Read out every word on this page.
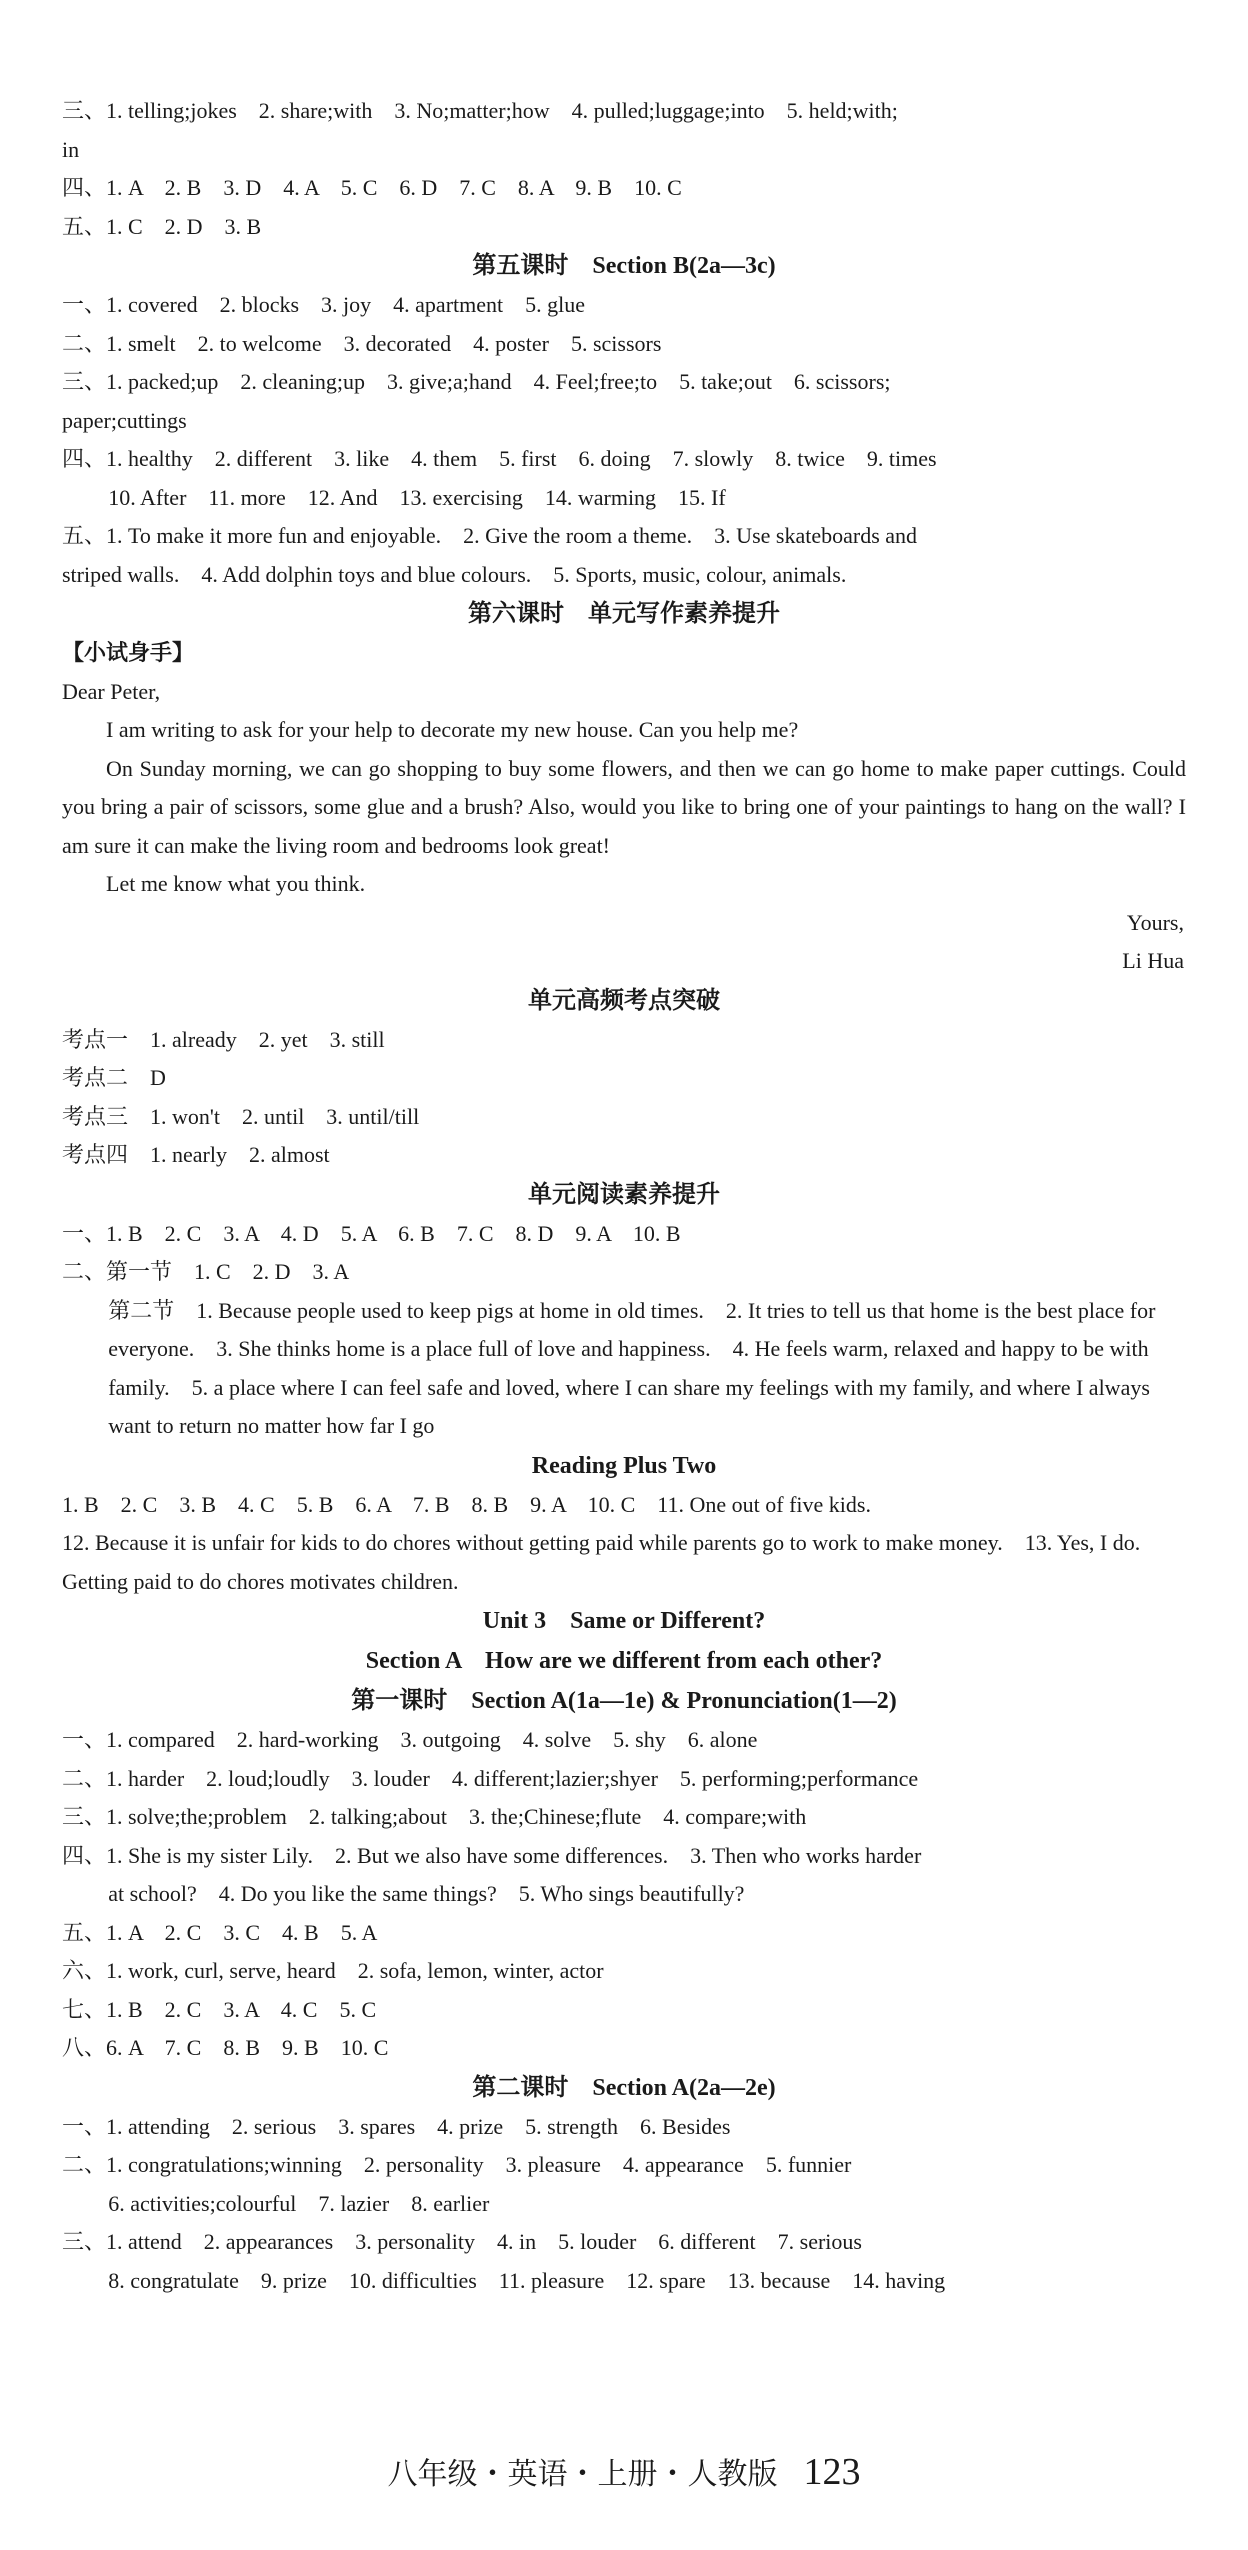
三、1. telling;jokes　2. share;with　3. No;matter;how　4. pulled;luggage;into　5. held;with;
in
四、1. A　2. B　3. D　4. A　5. C　6. D　7. C　8. A　9. B　10. C
五、1. C　2. D　3. B
第五课时　Section B(2a—3c)
一、1. covered　2. blocks　3. joy　4. apartment　5. glue
二、1. smelt　2. to welcome　3. decorated　4. poster　5. scissors
三、1. packed;up　2. cleaning;up　3. give;a;hand　4. Feel;free;to　5. take;out　6. scissors;
paper;cuttings
四、1. healthy　2. different　3. like　4. them　5. first　6. doing　7. slowly　8. twice　9. times
10. After　11. more　12. And　13. exercising　14. warming　15. If
五、1. To make it more fun and enjoyable.　2. Give the room a theme.　3. Use skateboards and
striped walls.　4. Add dolphin toys and blue colours.　5. Sports, music, colour, animals.
第六课时　单元写作素养提升
【小试身手】
Dear Peter,
I am writing to ask for your help to decorate my new house. Can you help me?
On Sunday morning, we can go shopping to buy some flowers, and then we can go home to make paper cuttings. Could you bring a pair of scissors, some glue and a brush? Also, would you like to bring one of your paintings to hang on the wall? I am sure it can make the living room and bedrooms look great!
Let me know what you think.
Yours,
Li Hua
单元高频考点突破
考点一　1. already　2. yet　3. still
考点二　D
考点三　1. won't　2. until　3. until/till
考点四　1. nearly　2. almost
单元阅读素养提升
一、1. B　2. C　3. A　4. D　5. A　6. B　7. C　8. D　9. A　10. B
二、第一节　1. C　2. D　3. A
第二节　1. Because people used to keep pigs at home in old times.　2. It tries to tell us that home is the best place for everyone.　3. She thinks home is a place full of love and happiness.　4. He feels warm, relaxed and happy to be with family.　5. a place where I can feel safe and loved, where I can share my feelings with my family, and where I always want to return no matter how far I go
Reading Plus Two
1. B　2. C　3. B　4. C　5. B　6. A　7. B　8. B　9. A　10. C　11. One out of five kids.
12. Because it is unfair for kids to do chores without getting paid while parents go to work to make money.　13. Yes, I do. Getting paid to do chores motivates children.
Unit 3　Same or Different?
Section A　How are we different from each other?
第一课时　Section A(1a—1e) & Pronunciation(1—2)
一、1. compared　2. hard-working　3. outgoing　4. solve　5. shy　6. alone
二、1. harder　2. loud;loudly　3. louder　4. different;lazier;shyer　5. performing;performance
三、1. solve;the;problem　2. talking;about　3. the;Chinese;flute　4. compare;with
四、1. She is my sister Lily.　2. But we also have some differences.　3. Then who works harder
at school?　4. Do you like the same things?　5. Who sings beautifully?
五、1. A　2. C　3. C　4. B　5. A
六、1. work, curl, serve, heard　2. sofa, lemon, winter, actor
七、1. B　2. C　3. A　4. C　5. C
八、6. A　7. C　8. B　9. B　10. C
第二课时　Section A(2a—2e)
一、1. attending　2. serious　3. spares　4. prize　5. strength　6. Besides
二、1. congratulations;winning　2. personality　3. pleasure　4. appearance　5. funnier
6. activities;colourful　7. lazier　8. earlier
三、1. attend　2. appearances　3. personality　4. in　5. louder　6. different　7. serious
8. congratulate　9. prize　10. difficulties　11. pleasure　12. spare　13. because　14. having
八年级・英语・上册・人教版 123
